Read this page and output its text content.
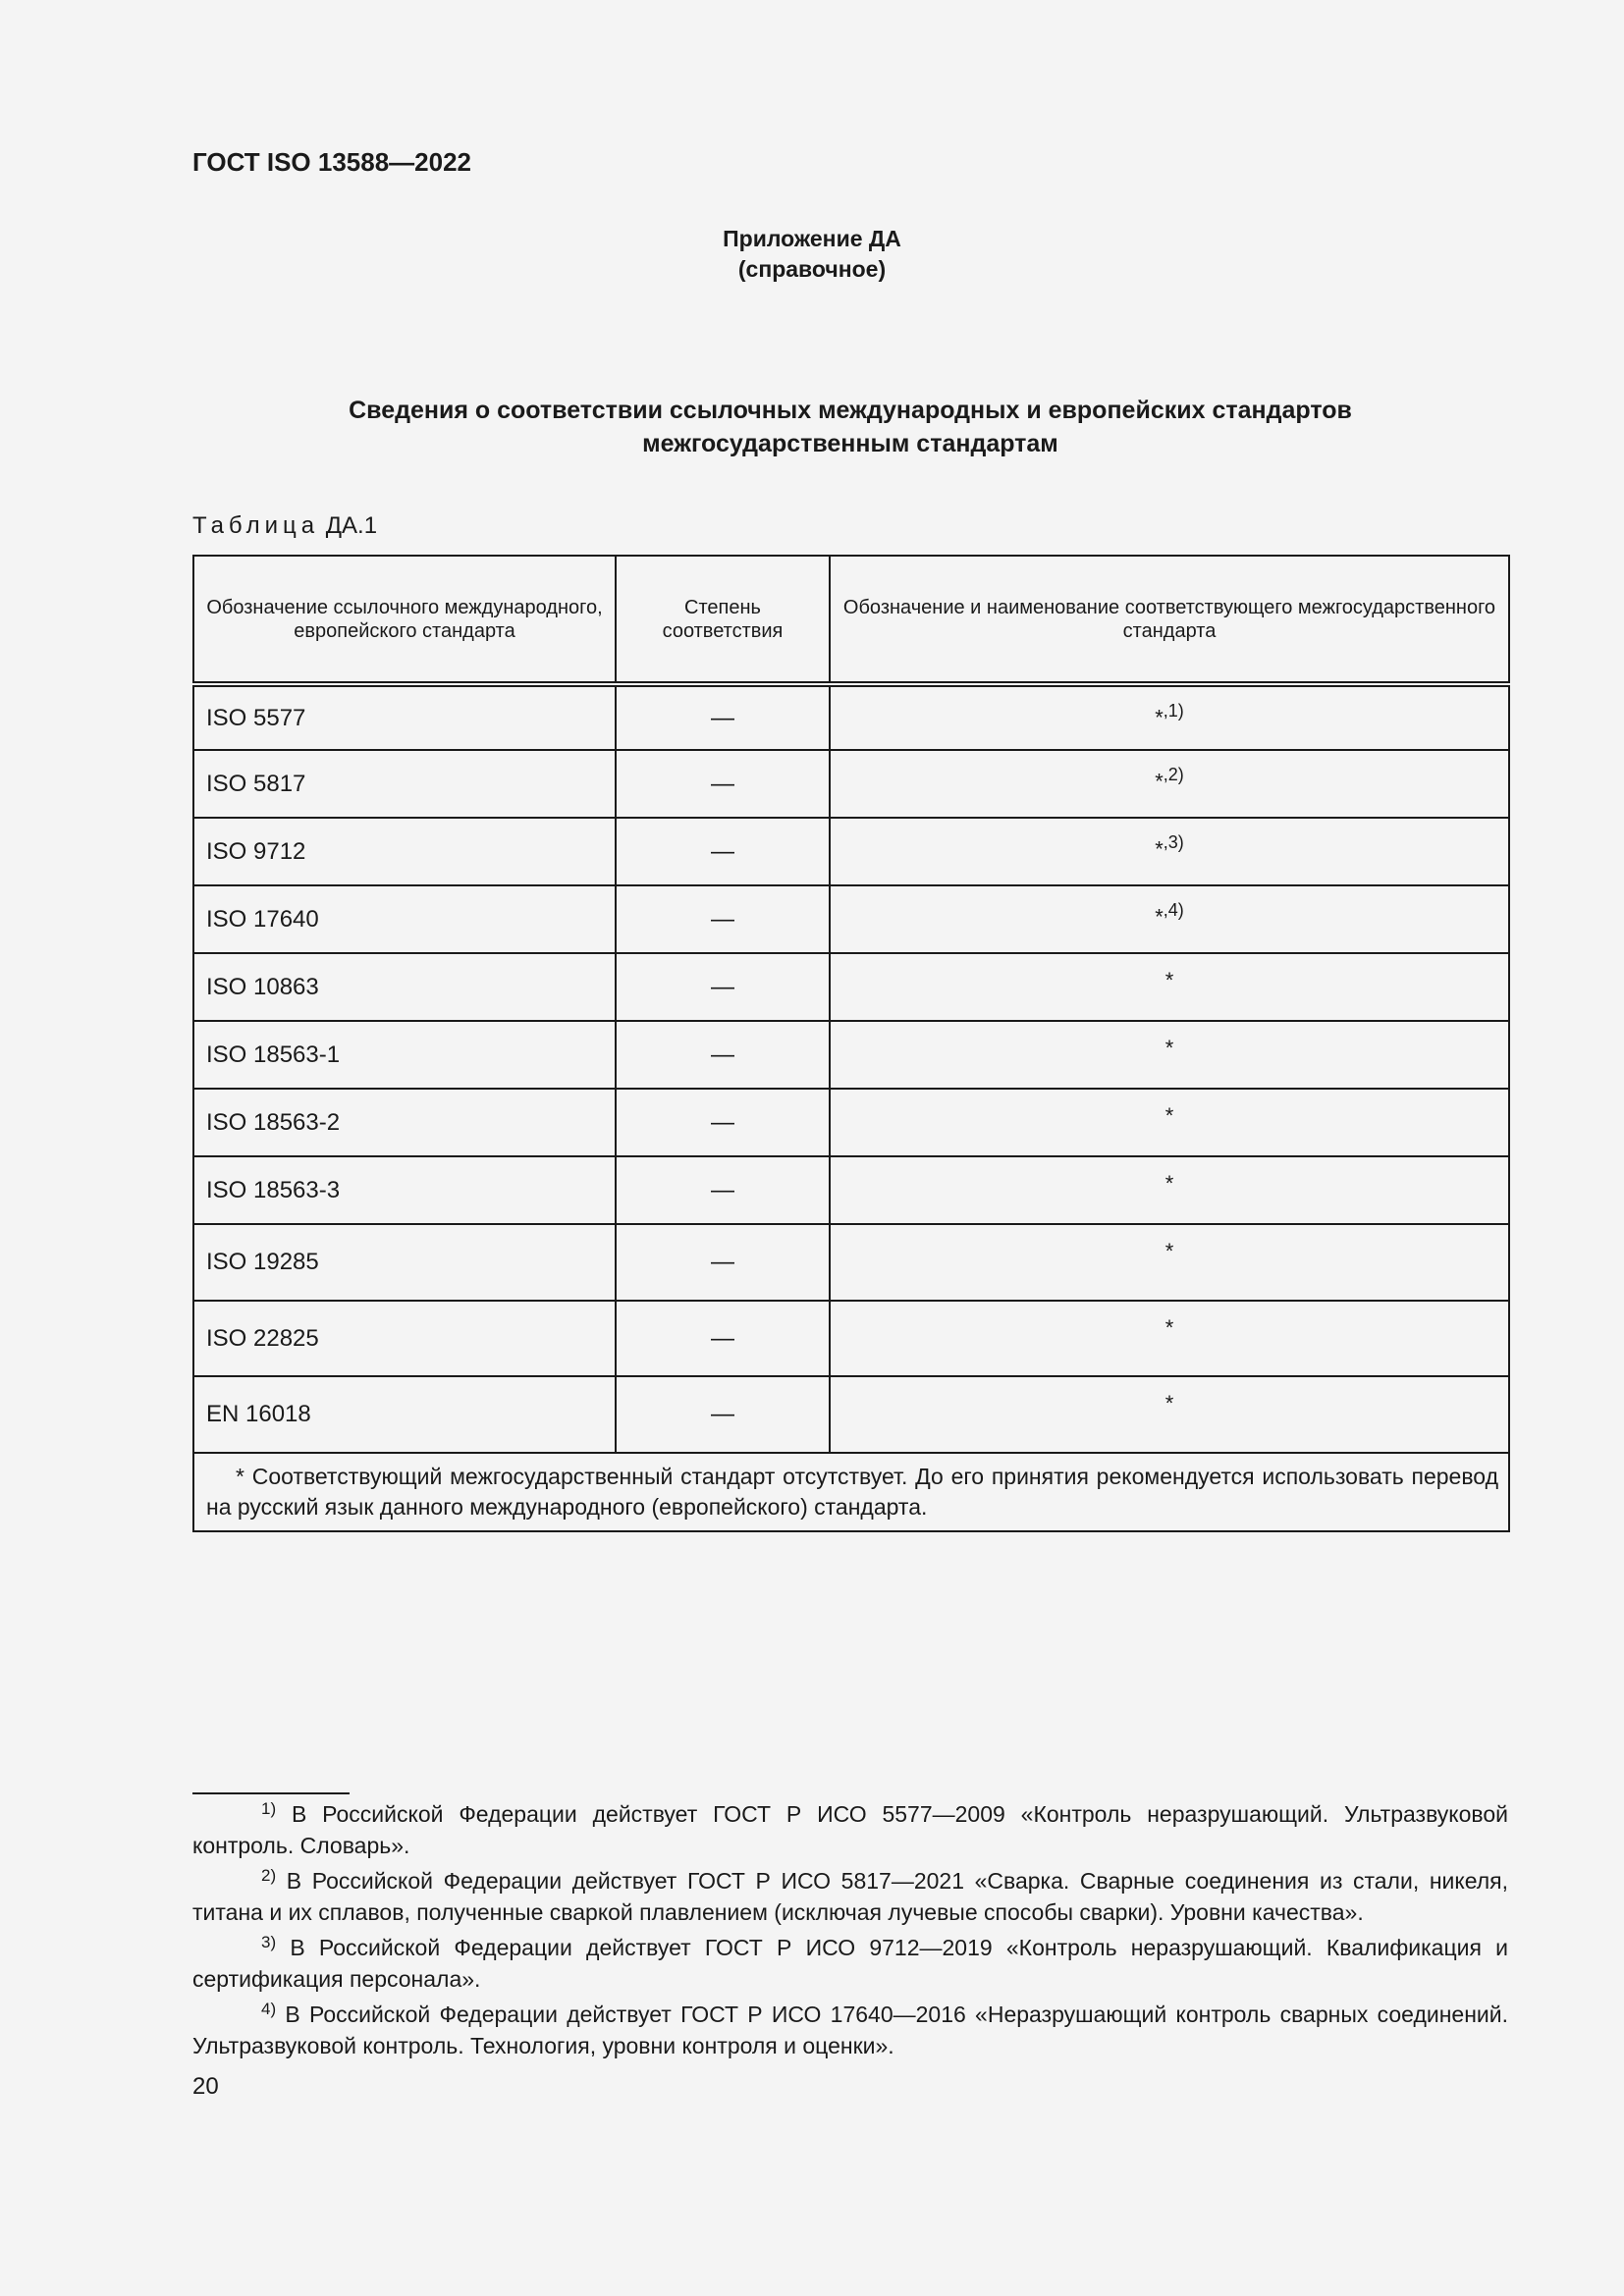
ГОСТ ISO 13588—2022
Приложение ДА
(справочное)
Сведения о соответствии ссылочных международных и европейских стандартов
межгосударственным стандартам
Таблица ДА.1
Обозначение ссылочного международного, европейского стандарта	Степень соответствия	Обозначение и наименование соответствующего межгосударственного стандарта
ISO 5577	—	*$^{,1)}$
ISO 5817	—	*$^{,2)}$
ISO 9712	—	*$^{,3)}$
ISO 17640	—	*$^{,4)}$
ISO 10863	—	*
ISO 18563-1	—	*
ISO 18563-2	—	*
ISO 18563-3	—	*
ISO 19285	—	*
ISO 22825	—	*
EN 16018	—	*
* Соответствующий межгосударственный стандарт отсутствует. До его принятия рекомендуется использовать перевод на русский язык данного международного (европейского) стандарта.		

$^{1)}$ В Российской Федерации действует ГОСТ Р ИСО 5577—2009 «Контроль неразрушающий. Ультразвуковой контроль. Словарь».

$^{2)}$ В Российской Федерации действует ГОСТ Р ИСО 5817—2021 «Сварка. Сварные соединения из стали, никеля, титана и их сплавов, полученные сваркой плавлением (исключая лучевые способы сварки). Уровни качества».

$^{3)}$ В Российской Федерации действует ГОСТ Р ИСО 9712—2019 «Контроль неразрушающий. Квалификация и сертификация персонала».

$^{4)}$ В Российской Федерации действует ГОСТ Р ИСО 17640—2016 «Неразрушающий контроль сварных соединений. Ультразвуковой контроль. Технология, уровни контроля и оценки».

20
